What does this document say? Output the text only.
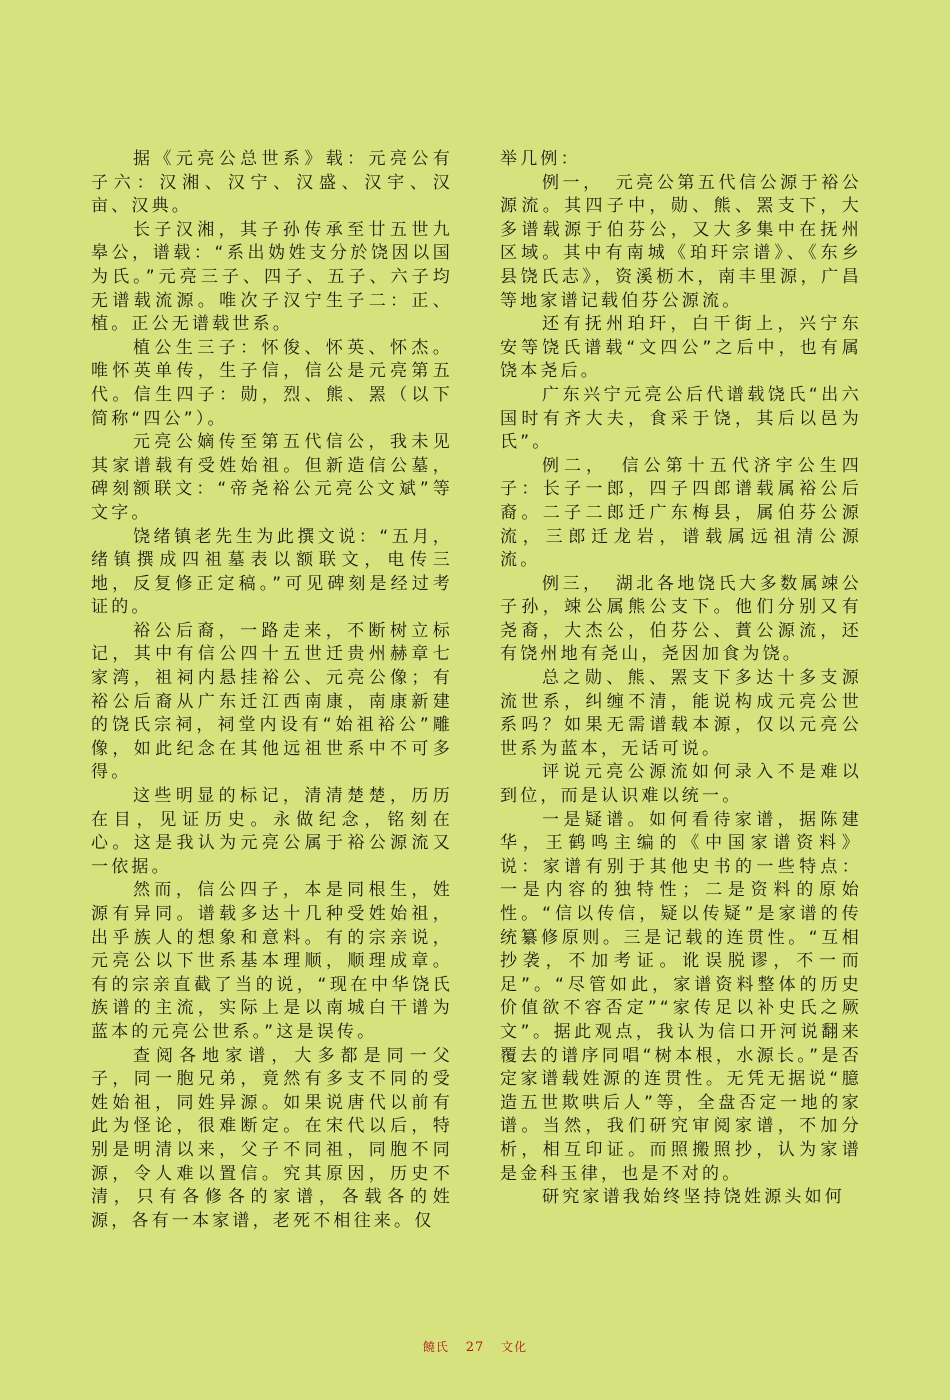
据《元亮公总世系》载：元亮公有子六：汉湘、汉宁、汉盛、汉宇、汉亩、汉典。

长子汉湘，其子孙传承至廿五世九皋公，谱载：“系出妫姓支分於饶因以国为氏。”元亮三子、四子、五子、六子均无谱载流源。唯次子汉宁生子二：正、植。正公无谱载世系。

植公生三子：怀俊、怀英、怀杰。唯怀英单传，生子信，信公是元亮第五代。信生四子：勋，烈、熊、罴（以下简称“四公”）。

元亮公嫡传至第五代信公，我未见其家谱载有受姓始祖。但新造信公墓，碑刻额联文：“帝尧裕公元亮公文斌”等文字。

饶绪镇老先生为此撰文说：“五月，绪镇撰成四祖墓表以额联文，电传三地，反复修正定稿。”可见碑刻是经过考证的。

裕公后裔，一路走来，不断树立标记，其中有信公四十五世迁贵州赫章七家湾，祖祠内悬挂裕公、元亮公像；有裕公后裔从广东迁江西南康，南康新建的饶氏宗祠，祠堂内设有“始祖裕公”雕像，如此纪念在其他远祖世系中不可多得。

这些明显的标记，清清楚楚，历历在目，见证历史。永做纪念，铭刻在心。这是我认为元亮公属于裕公源流又一依据。

然而，信公四子，本是同根生，姓源有异同。谱载多达十几种受姓始祖，出乎族人的想象和意料。有的宗亲说，元亮公以下世系基本理顺，顺理成章。有的宗亲直截了当的说，“现在中华饶氏族谱的主流，实际上是以南城白干谱为蓝本的元亮公世系。”这是误传。

查阅各地家谱，大多都是同一父子，同一胞兄弟，竟然有多支不同的受姓始祖，同姓异源。如果说唐代以前有此为怪论，很难断定。在宋代以后，特别是明清以来，父子不同祖，同胞不同源，令人难以置信。究其原因，历史不清，只有各修各的家谱，各载各的姓源，各有一本家谱，老死不相往来。仅

举几例：

例一，　元亮公第五代信公源于裕公源流。其四子中，勋、熊、罴支下，大多谱载源于伯芬公，又大多集中在抚州区域。其中有南城《珀玕宗谱》、《东乡县饶氏志》，资溪枥木，南丰里源，广昌等地家谱记载伯芬公源流。

还有抚州珀玕，白干街上，兴宁东安等饶氏谱载“文四公”之后中，也有属饶本尧后。

广东兴宁元亮公后代谱载饶氏“出六国时有齐大夫，食采于饶，其后以邑为氏”。

例二，　信公第十五代济宇公生四子：长子一郎，四子四郎谱载属裕公后裔。二子二郎迁广东梅县，属伯芬公源流，三郎迁龙岩，谱载属远祖清公源流。

例三，　湖北各地饶氏大多数属竦公子孙，竦公属熊公支下。他们分别又有尧裔，大杰公，伯芬公、蕡公源流，还有饶州地有尧山，尧因加食为饶。

总之勋、熊、罴支下多达十多支源流世系，纠缠不清，能说构成元亮公世系吗？如果无需谱载本源，仅以元亮公世系为蓝本，无话可说。

评说元亮公源流如何录入不是难以到位，而是认识难以统一。

一是疑谱。如何看待家谱，据陈建华，王鹤鸣主编的《中国家谱资料》说：家谱有别于其他史书的一些特点：一是内容的独特性；二是资料的原始性。“信以传信，疑以传疑”是家谱的传统纂修原则。三是记载的连贯性。“互相抄袭，不加考证。讹误脱谬，不一而足”。“尽管如此，家谱资料整体的历史价值欲不容否定”“家传足以补史氏之厥文”。据此观点，我认为信口开河说翻来覆去的谱序同唱“树本根，水源长。”是否定家谱载姓源的连贯性。无凭无据说“臆造五世欺哄后人”等，全盘否定一地的家谱。当然，我们研究审阅家谱，不加分析，相互印证。而照搬照抄，认为家谱是金科玉律，也是不对的。

研究家谱我始终坚持饶姓源头如何

饒氏 27 文化
